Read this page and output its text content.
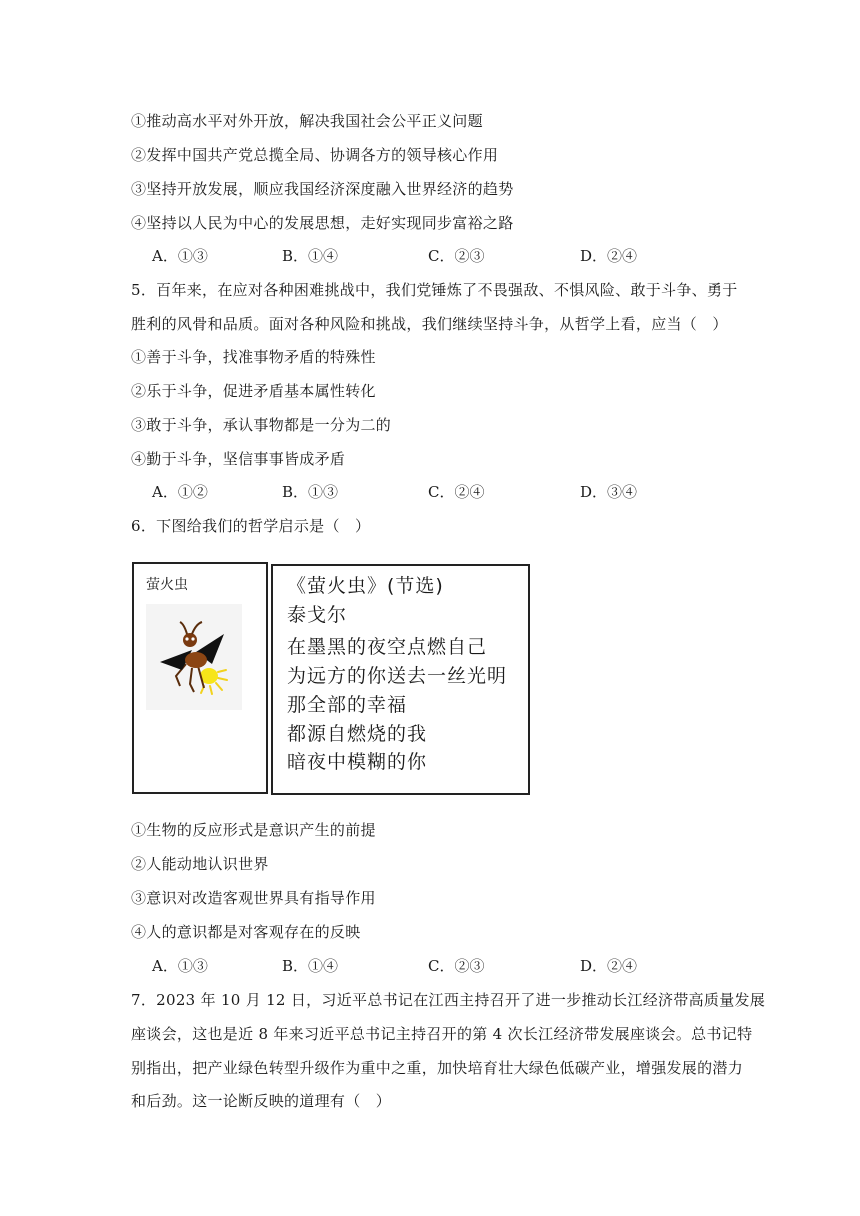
①推动高水平对外开放，解决我国社会公平正义问题
②发挥中国共产党总揽全局、协调各方的领导核心作用
③坚持开放发展，顺应我国经济深度融入世界经济的趋势
④坚持以人民为中心的发展思想，走好实现同步富裕之路
A．①③	B．①④	C．②③	D．②④
5．百年来，在应对各种困难挑战中，我们党锤炼了不畏强敌、不惧风险、敢于斗争、勇于
胜利的风骨和品质。面对各种风险和挑战，我们继续坚持斗争，从哲学上看，应当（　）
①善于斗争，找准事物矛盾的特殊性
②乐于斗争，促进矛盾基本属性转化
③敢于斗争，承认事物都是一分为二的
④勤于斗争，坚信事事皆成矛盾
A．①②	B．①③	C．②④	D．③④
6．下图给我们的哲学启示是（　）
萤火虫	《萤火虫》(节选)
泰戈尔
在墨黑的夜空点燃自己
为远方的你送去一丝光明
那全部的幸福
都源自燃烧的我
暗夜中模糊的你
①生物的反应形式是意识产生的前提
②人能动地认识世界
③意识对改造客观世界具有指导作用
④人的意识都是对客观存在的反映
A．①③	B．①④	C．②③	D．②④
7．2023 年 10 月 12 日，习近平总书记在江西主持召开了进一步推动长江经济带高质量发展
座谈会，这也是近 8 年来习近平总书记主持召开的第 4 次长江经济带发展座谈会。总书记特
别指出，把产业绿色转型升级作为重中之重，加快培育壮大绿色低碳产业，增强发展的潜力
和后劲。这一论断反映的道理有（　）
